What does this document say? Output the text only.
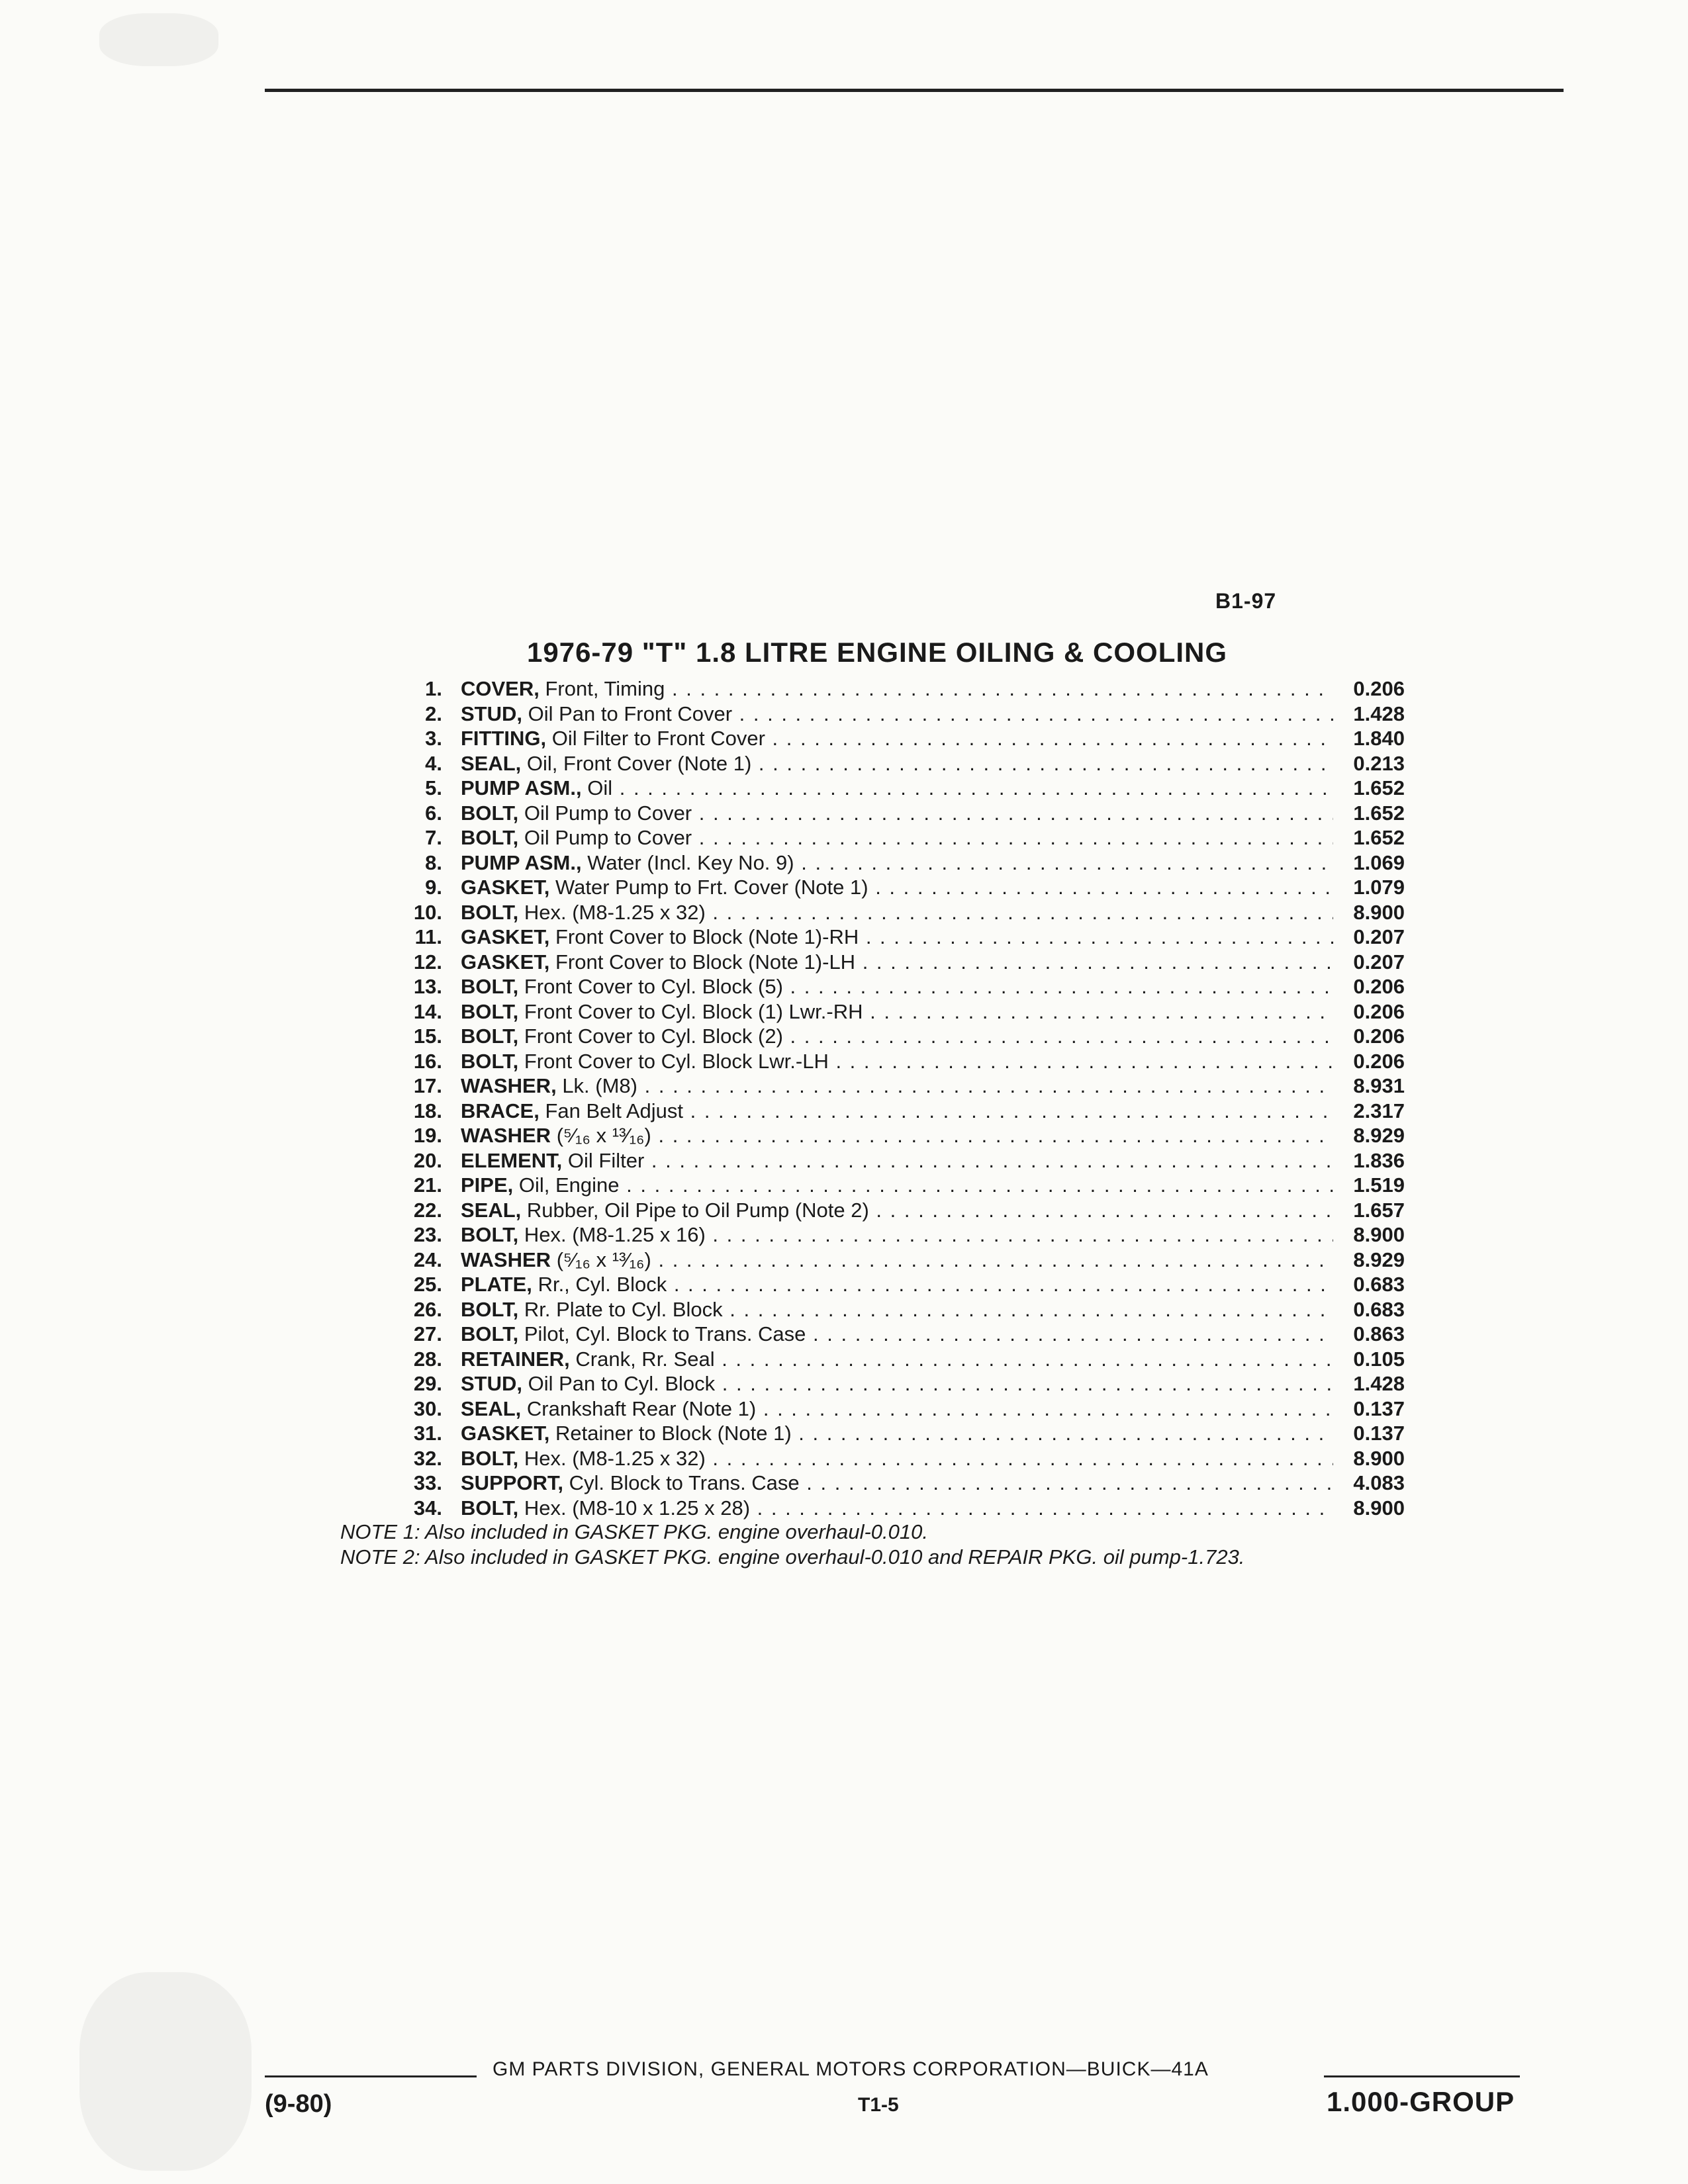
B1-97
1976-79 "T" 1.8 LITRE ENGINE OILING & COOLING
1. COVER, Front, Timing . . .	0.206
2. STUD, Oil Pan to Front Cover . . .	1.428
3. FITTING, Oil Filter to Front Cover . . .	1.840
4. SEAL, Oil, Front Cover (Note 1) . . .	0.213
5. PUMP ASM., Oil . . .	1.652
6. BOLT, Oil Pump to Cover . . .	1.652
7. BOLT, Oil Pump to Cover . . .	1.652
8. PUMP ASM., Water (Incl. Key No. 9) . . .	1.069
9. GASKET, Water Pump to Frt. Cover (Note 1) . . .	1.079
10. BOLT, Hex. (M8-1.25 x 32) . . .	8.900
11. GASKET, Front Cover to Block (Note 1)-RH . . .	0.207
12. GASKET, Front Cover to Block (Note 1)-LH . . .	0.207
13. BOLT, Front Cover to Cyl. Block (5) . . .	0.206
14. BOLT, Front Cover to Cyl. Block (1) Lwr.-RH . . .	0.206
15. BOLT, Front Cover to Cyl. Block (2) . . .	0.206
16. BOLT, Front Cover to Cyl. Block Lwr.-LH . . .	0.206
17. WASHER, Lk. (M8) . . .	8.931
18. BRACE, Fan Belt Adjust . . .	2.317
19. WASHER (⁵⁄₁₆ x ¹³⁄₁₆) . . .	8.929
20. ELEMENT, Oil Filter . . .	1.836
21. PIPE, Oil, Engine . . .	1.519
22. SEAL, Rubber, Oil Pipe to Oil Pump (Note 2) . . .	1.657
23. BOLT, Hex. (M8-1.25 x 16) . . .	8.900
24. WASHER (⁵⁄₁₆ x ¹³⁄₁₆) . . .	8.929
25. PLATE, Rr., Cyl. Block . . .	0.683
26. BOLT, Rr. Plate to Cyl. Block . . .	0.683
27. BOLT, Pilot, Cyl. Block to Trans. Case . . .	0.863
28. RETAINER, Crank, Rr. Seal . . .	0.105
29. STUD, Oil Pan to Cyl. Block . . .	1.428
30. SEAL, Crankshaft Rear (Note 1) . . .	0.137
31. GASKET, Retainer to Block (Note 1) . . .	0.137
32. BOLT, Hex. (M8-1.25 x 32) . . .	8.900
33. SUPPORT, Cyl. Block to Trans. Case . . .	4.083
34. BOLT, Hex. (M8-10 x 1.25 x 28) . . .	8.900
NOTE 1: Also included in GASKET PKG. engine overhaul-0.010.
NOTE 2: Also included in GASKET PKG. engine overhaul-0.010 and REPAIR PKG. oil pump-1.723.
GM PARTS DIVISION, GENERAL MOTORS CORPORATION—BUICK—41A
(9-80)	T1-5	1.000-GROUP
